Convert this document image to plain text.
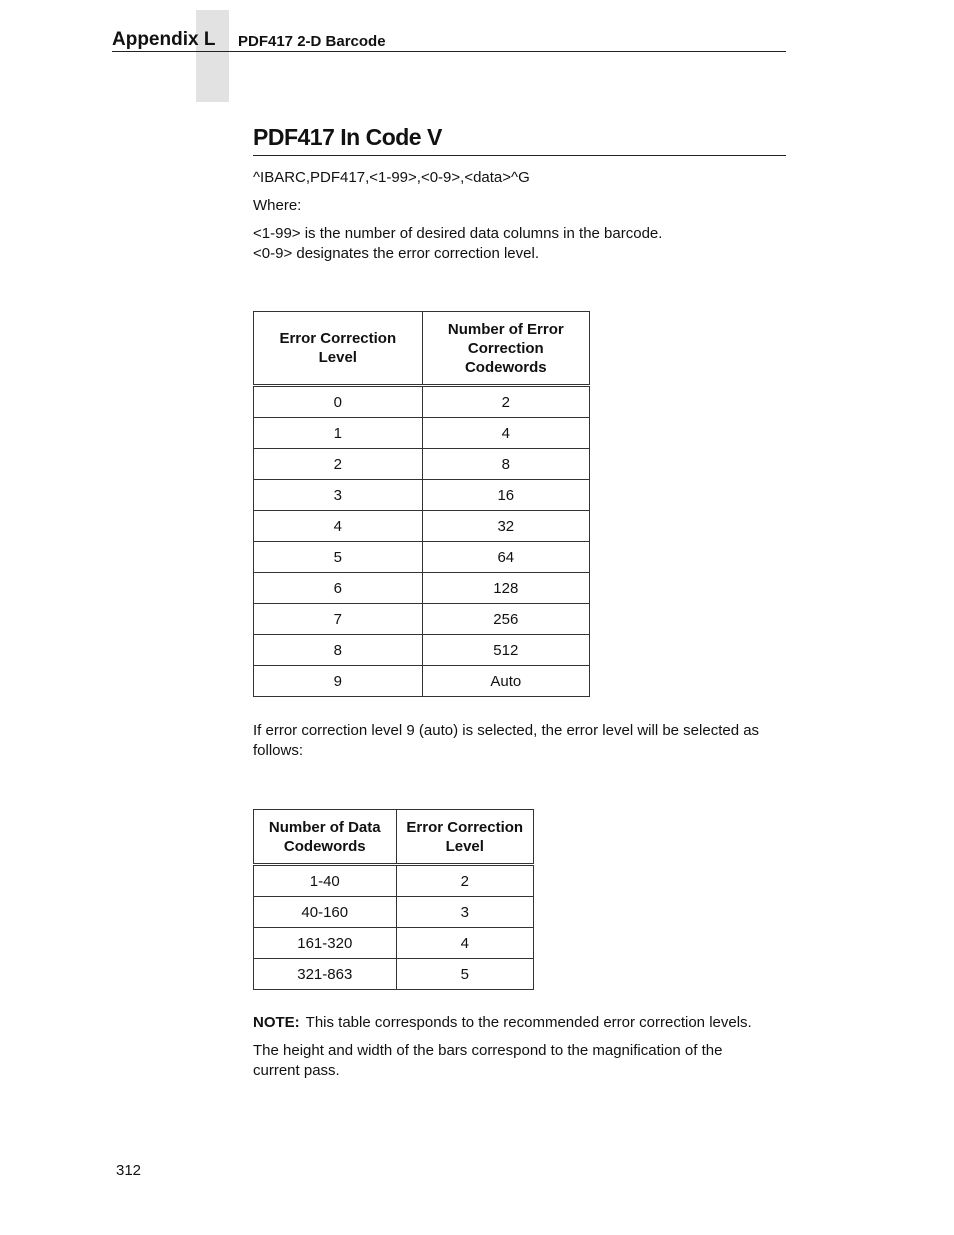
Appendix L PDF417 2-D Barcode
PDF417 In Code V
^IBARC,PDF417,<1-99>,<0-9>,<data>^G
Where:
<1-99> is the number of desired data columns in the barcode.
<0-9> designates the error correction level.
Error Correction Level	Number of Error Correction Codewords
0	2
1	4
2	8
3	16
4	32
5	64
6	128
7	256
8	512
9	Auto
If error correction level 9 (auto) is selected, the error level will be selected as follows:
Number of Data Codewords	Error Correction Level
1-40	2
40-160	3
161-320	4
321-863	5
NOTE: This table corresponds to the recommended error correction levels.
The height and width of the bars correspond to the magnification of the current pass.
312
